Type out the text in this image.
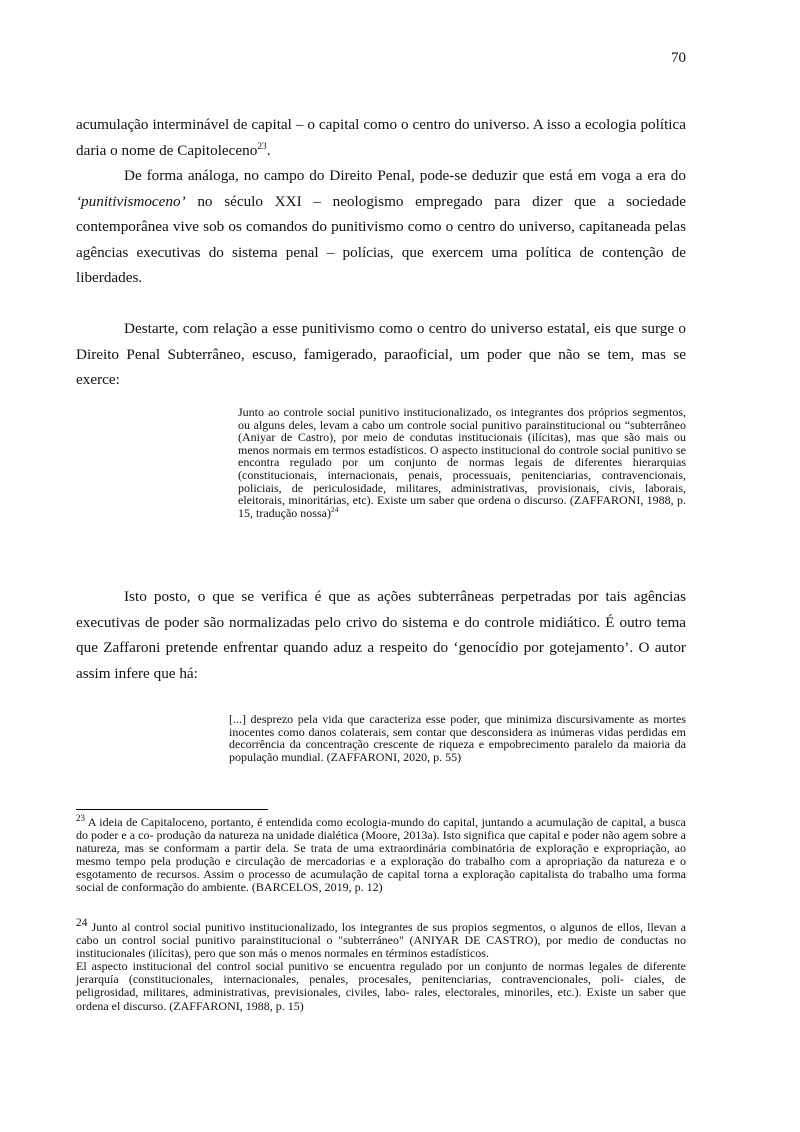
70

acumulação interminável de capital – o capital como o centro do universo. A isso a ecologia política daria o nome de Capitoleceno$^{23}$.

De forma análoga, no campo do Direito Penal, pode-se deduzir que está em voga a era do ‘punitivismoceno’ no século XXI – neologismo empregado para dizer que a sociedade contemporânea vive sob os comandos do punitivismo como o centro do universo, capitaneada pelas agências executivas do sistema penal – polícias, que exercem uma política de contenção de liberdades.

Destarte, com relação a esse punitivismo como o centro do universo estatal, eis que surge o Direito Penal Subterrâneo, escuso, famigerado, paraoficial, um poder que não se tem, mas se exerce:

Junto ao controle social punitivo institucionalizado, os integrantes dos próprios segmentos, ou alguns deles, levam a cabo um controle social punitivo parainstitucional ou “subterrâneo (Aniyar de Castro), por meio de condutas institucionais (ilícitas), mas que são mais ou menos normais em termos estadísticos. O aspecto institucional do controle social punitivo se encontra regulado por um conjunto de normas legais de diferentes hierarquias (constitucionais, internacionais, penais, processuais, penitenciarias, contravencionais, policiais, de periculosidade, militares, administrativas, provisionais, civis, laborais, eleitorais, minoritárias, etc). Existe um saber que ordena o discurso. (ZAFFARONI, 1988, p. 15, tradução nossa)$^{24}$

Isto posto, o que se verifica é que as ações subterrâneas perpetradas por tais agências executivas de poder são normalizadas pelo crivo do sistema e do controle midiático. É outro tema que Zaffaroni pretende enfrentar quando aduz a respeito do ‘genocídio por gotejamento’. O autor assim infere que há:

[...] desprezo pela vida que caracteriza esse poder, que minimiza discursivamente as mortes inocentes como danos colaterais, sem contar que desconsidera as inúmeras vidas perdidas em decorrência da concentração crescente de riqueza e empobrecimento paralelo da maioria da população mundial. (ZAFFARONI, 2020, p. 55)

$^{23}$ A ideia de Capitaloceno, portanto, é entendida como ecologia-mundo do capital, juntando a acumulação de capital, a busca do poder e a co- produção da natureza na unidade dialética (Moore, 2013a). Isto significa que capital e poder não agem sobre a natureza, mas se conformam a partir dela. Se trata de uma extraordinária combinatória de exploração e expropriação, ao mesmo tempo pela produção e circulação de mercadorias e a exploração do trabalho com a apropriação da natureza e o esgotamento de recursos. Assim o processo de acumulação de capital torna a exploração capitalista do trabalho uma forma social de conformação do ambiente. (BARCELOS, 2019, p. 12)

24 Junto al control social punitivo institucionalizado, los integrantes de sus propios segmentos, o algunos de ellos, llevan a cabo un control social punitivo parainstitucional o "subterráneo" (ANIYAR DE CASTRO), por medio de conductas no institucionales (ilícitas), pero que son más o menos normales en términos estadísticos.
El aspecto institucional del control social punitivo se encuentra regulado por un conjunto de normas legales de diferente jerarquía (constitucionales, internacionales, penales, procesales, penitenciarias, contravencionales, poli- ciales, de peligrosidad, militares, administrativas, previsionales, civiles, labo- rales, electorales, minoriles, etc.). Existe un saber que ordena el discurso. (ZAFFARONI, 1988, p. 15)
